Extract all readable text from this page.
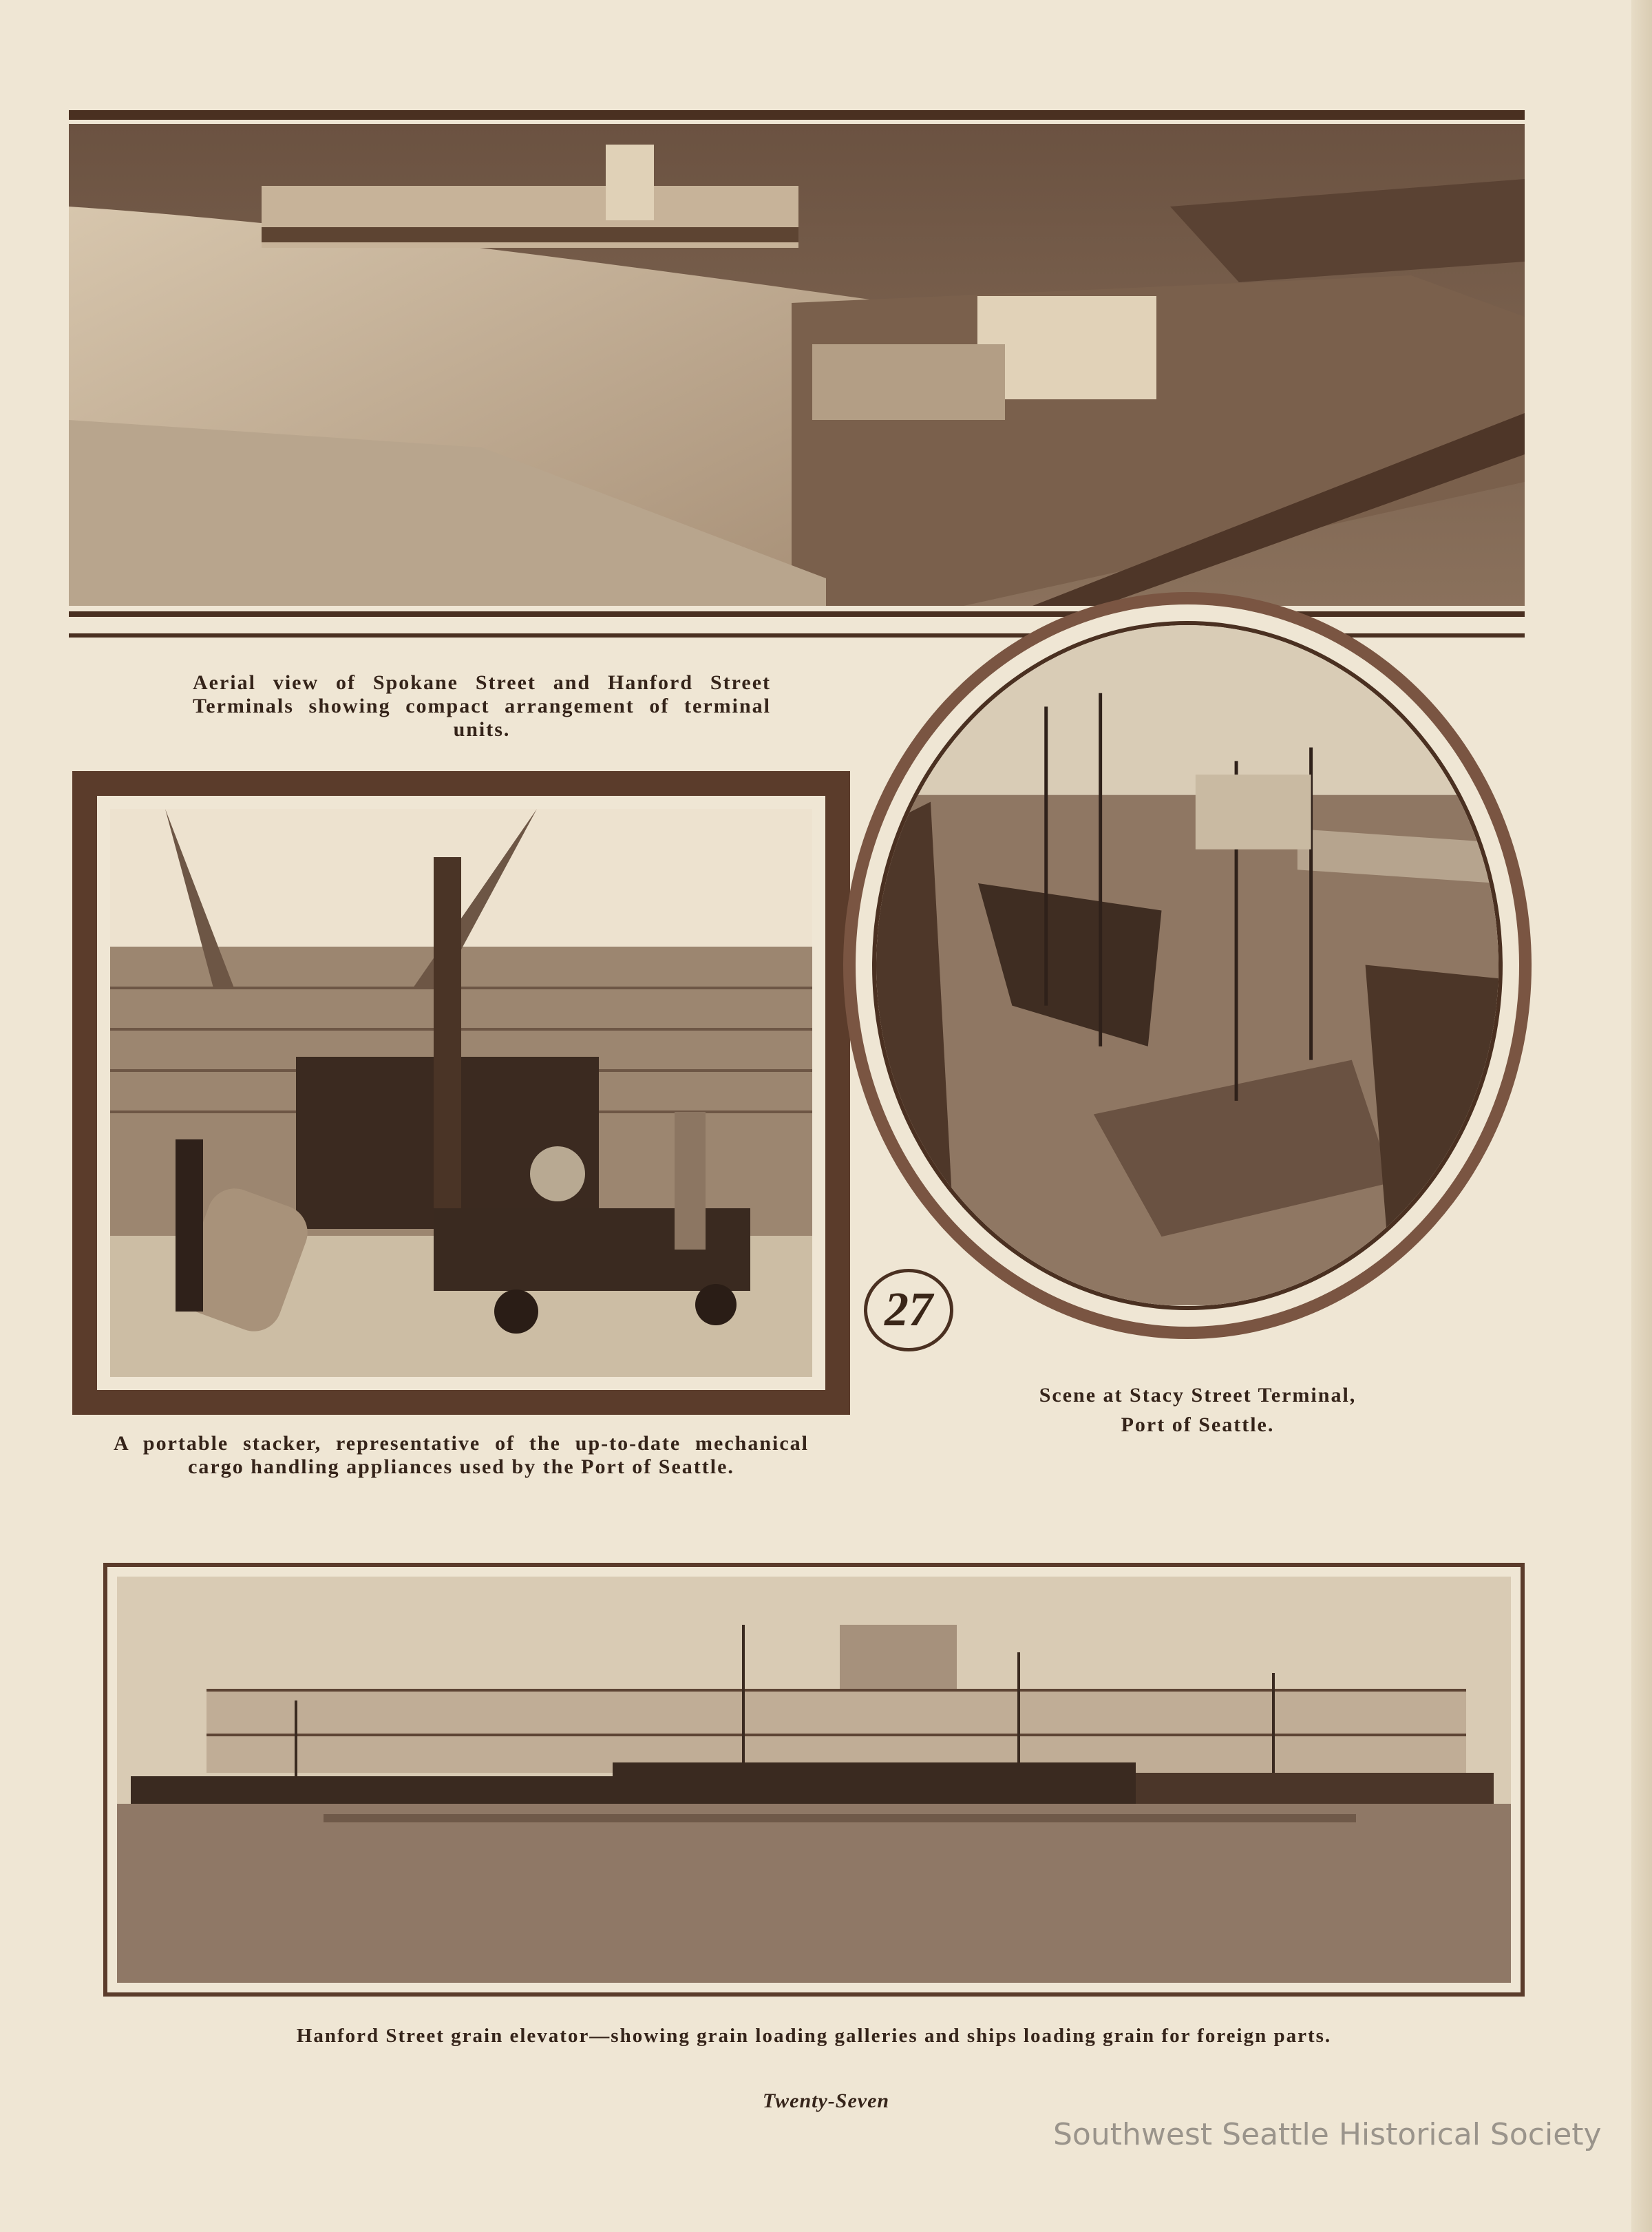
Aerial view of Spokane Street and Hanford Street Terminals showing compact arrangement of terminal units.
A portable stacker, representative of the up-to-date mechanical cargo handling appliances used by the Port of Seattle.
27
Scene at Stacy Street Terminal,
Port of Seattle.
Hanford Street grain elevator—showing grain loading galleries and ships loading grain for foreign parts.
Twenty-Seven
Southwest Seattle Historical Society
